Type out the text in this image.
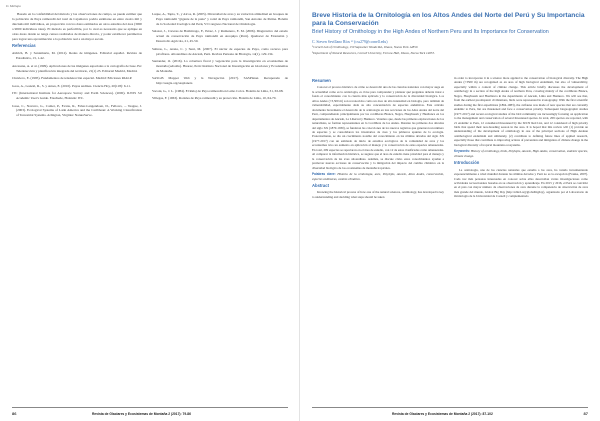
D. Mallapa

Basado en la confiabilidad del método y las observaciones de campo, se puede estimar que la población de Puya raimondii del total de Cajamarca podría estimarse en entre cuatro mil y dieciséis mil individuos, en proporción con los datos estimados en otros estudios del área (3000 a 9000 individuos tales). El método es perfectible, por lo cual es necesario que se aplique en otras áreas donde se tenga censos realizados de manera directa, y poder establecer parámetros para lograr una aproximación a la población real a un mayor escala.

Referencias
Aldrich, B. y Santamaria, M. (2012). Redes de imágenes. Editorial español. Revista de Estadística, 13, 1-42.
Ancasana, A. et al. (1999). Aplicaciones de las imágenes espaciales a la cartografía de base. En: Teledetección y planificación integrada del territorio, 21(1) 23. Editorial Madrid, Madrid.
Chuvieco, E. (1995). Fundamentos de teledetección espacial. Madrid: Ediciones RIALP.
Gaos, A., Gonzal, R., S. y Arnes, E. (2010). Puyas andinas. Ciencia Hoy, 20(118): 6-11.
ITC (International Institute for Aerospace Survey and Earth Sciences). (2000). ILWIS 3.0 Academic User's Guide. Enschede, Holanda: ITC.
Josse, C., Navarro, G., Comer, P., Evans, R., Faber-Langendoen, D., Fellows, ... Teague, J. (2003). Ecological Systems of Latin America and the Caribbean: A Working Classification of Terrestrial Systems. Arlington, Virginia: NatureServe.
Luque, A., Tapia, T., y Alcos, R. (2005). Diversidad de aves y su variación altitudinal en bosques de Puya raimondii "gigante de la puna" y rodal de Puya raimondii, San Antonio de Putina. Boletín de la Sociedad Zoológica del Perú, VI Congreso Nacional de Ornitología.
Salazar, J., Cáceres de Baldárrago, F., Pérez, J. y Rumanaro, E. M. (2006). Diagnóstico del estado actual de conservación de Puya raimondii en Arequipa (Perú). Quehacer de Extensión y Desarrollo Agrícola, 21, 45-50.
Salinas, L., Arana, C. y Suni, M. (2007). El néctar de especies de Puya, como recurso para picaflores. Altoandinos de Ancash, Perú. Revista Peruana de Biología, 14(1), 129-134.
Santander, O. (2016). La cobertura floral y vegetación para la investigación en ecosistemas de montaña (sebaldo). Huaraz, Perú: Instituto Nacional de Investigación en Glaciares y Ecosistemas de Montaña.
SASGIS Mapper Web y la Navegación (2017). SASPlanet. Recuperado de http://sasgis.org/sasplaneta
Vaconi, G., J. L. (1984). El Reloj de Puya raimondii en Lamo Colca. Boletín de Lima, 31, 63-68.
Villegas, F. (1963). Rodales de Puya raimondii y su protección. Boletín de Lima, 10, 64-70.
86	Revista de Glaciares y Ecosistemas de Montaña 2 (2017): 79-86
Breve Historia de la Ornitología en los Altos Andes del Norte del Perú y Su Importancia para la Conservación
Brief History of Ornithology in the High Andes of Northern Peru and Its Importance for Conservation
C. Steven Sevillano Ríos ¹² (css279@cornell.edu)
¹Cornell Lab of Ornithology, 159 Sapsucker Woods Rd., Ithaca, Nueva York 14850.
²Department of Natural Resources, Cornell University, Fernow Hall, Ithaca, Nueva York 14853.
Resumen

Conocer el proceso histórico de cómo se desarrolló una de las ciencias naturales con mayor auge en la actualidad como es la ornitología, es clave para comprender y plantear qué preguntas debería tratar a fondo el conocimiento con la ciencia más aplicada y la conservación de la diversidad biológica. Los Altos Andes (>3,500 m) son reconocidos como un área de alta intensidad en biología, pero también de vulnerabilidad, especialmente dada su alta concentración de especies endémicas. Este artículo documenta brevemente el desarrollo de la ornitología en tres secciones de los Altos Andes del norte del Perú, comprendiendo principalmente por las cordilleras Blanca, Negra, Huayhuash y Huallanca en los departamentos de Ancash, La Libertad y Huánuco. Veremos que, desde las primeras exploraciones de los naturalistas, se forman representantes en la Cordillera de los Andes. Durante las primeras dos décadas del siglo XX (1870-1930), se fundaron las colecciones de los nuevos registros que generaron un número de especies y se consolidaron los inventarios de aves y los primeros apuntes de la ecología. Posteriormente, se dio un crecimiento notable del conocimiento en las últimas décadas del siglo XX (1977-2017) con un estimado de inicio de estudios ecológicos de la comunidad de aves y los ecosistemas tuvo un aumento en aplicación al manejo y la conservación de estas especies amenazadas. En total, 209 especies se reportaron en el área de estudio, con 12 de estas clasificadas como amenazadas. Al comparar la información histórica, se sugiere que el área de estudio tiene prioridad para el manejo y la conservación de las aves altoandinas. Además, se discute cómo estos conocimientos ayudan a promover nuevas acciones de conservación y la mitigación del impacto del cambio climático en la diversidad biológica de los ecosistemas de montaña tropicales.

Palabras clave: Historia de la ornitología, aves, Polylepis, Ancash, Altos Andes, conservación, especies endémicas, cambio climático.

Abstract

Knowing the historical process of how one of the natural sciences, ornithology, has developed is key to understanding and deciding what steps should be taken

in order to incorporate it in a science more applied to the conservation of biological diversity. The High Andes (>3500 m) are recognized as an area of high biological endemism, but also of vulnerability, especially within a context of climate change. This article briefly discusses the development of ornithology in a section of the high Andes of northern Peru, covering mainly of the cordilleras Blanca, Negra, Huayhuash and Huallanca in the departments of Ancash, Lima and Huánuco. We will see that, from the earliest pre-hispanic civilizations, birds were represented in iconography. With the first scientific studies during the first expeditions (1864-1983), the avifauna was made of new species that are currently endemic to Peru, but are threatened and face a conservation priority. Subsequent biogeographic studies (1977-2017) and recent ecological studies of the bird community are increasingly focusing on application to the management and conservation of several threatened species. In total, 209 species are reported, with 21 endemic to Peru, 12 considered threatened by the IUCN Red List, and 12 considered of high priority birds that spend their non-breeding season in the area. It is hoped that this review will (1) provide an understanding of the development of ornithology in one of the principal sections of High Andean ornithological endemism and ultimately, (2) contribute to defining future lines of applied research, especially those that contribute to improving actions of prevention and mitigation of climate change in the biological diversity of tropical mountain ecosystems.

Keywords: History of ornithology, birds, Polylepis, Ancash, High Andes, conservation, endemic species, climate change.

Introducción

La ornitología, una de las ciencias naturales que estudia a las aves, ha venido incrementando exponencialmente a nivel mundial durante las últimas décadas y Perú no es la excepción (Franke, 2007). Cada vez más personas interesadas en conocer sobre ellas desarrollan varias investigaciones como actividades recreacionales basadas en su observación y aprendizaje. En 2015 y 2016, el Perú se convirtió en el país con mayor número de observaciones de aves durante la competencia de observación de aves más grande del mundo, Global Big Day (http://ebird.org/globalbigday), organizado por el Laboratorio de Ornitología de la Universidad de Cornell y complementado

Revista de Glaciares y Ecosistemas de Montaña 2 (2017): 87-102	87
